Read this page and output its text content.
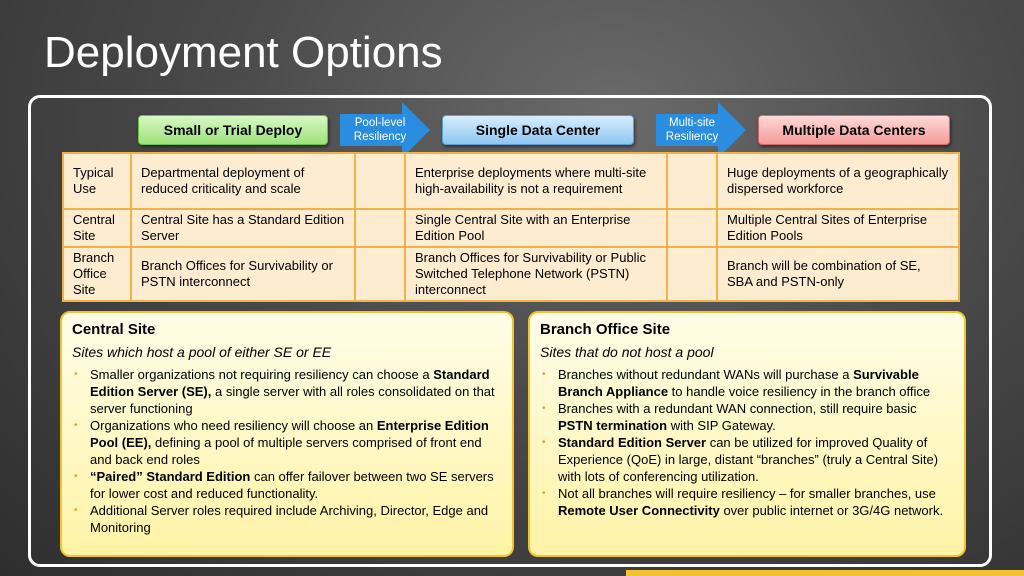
Deployment Options
Small or Trial Deploy	Single Data Center	Multiple Data Centers
Pool-level
Resiliency
Multi-site
Resiliency
Typical Use	Departmental deployment of reduced criticality and scale		Enterprise deployments where multi-site high-availability is not a requirement		Huge deployments of a geographically dispersed workforce
Central Site	Central Site has a Standard Edition Server		Single Central Site with an Enterprise Edition Pool		Multiple Central Sites of Enterprise Edition Pools
Branch Office Site	Branch Offices for Survivability or PSTN interconnect		Branch Offices for Survivability or Public Switched Telephone Network (PSTN) interconnect		Branch will be combination of SE, SBA and PSTN-only
Central Site
Sites which host a pool of either SE or EE
• Smaller organizations not requiring resiliency can choose a Standard Edition Server (SE), a single server with all roles consolidated on that server functioning
• Organizations who need resiliency will choose an Enterprise Edition Pool (EE), defining a pool of multiple servers comprised of front end and back end roles
• “Paired” Standard Edition can offer failover between two SE servers for lower cost and reduced functionality.
• Additional Server roles required include Archiving, Director, Edge and Monitoring
Branch Office Site
Sites that do not host a pool
• Branches without redundant WANs will purchase a Survivable Branch Appliance to handle voice resiliency in the branch office
• Branches with a redundant WAN connection, still require basic PSTN termination with SIP Gateway.
• Standard Edition Server can be utilized for improved Quality of Experience (QoE) in large, distant “branches” (truly a Central Site) with lots of conferencing utilization.
• Not all branches will require resiliency – for smaller branches, use Remote User Connectivity over public internet or 3G/4G network.
